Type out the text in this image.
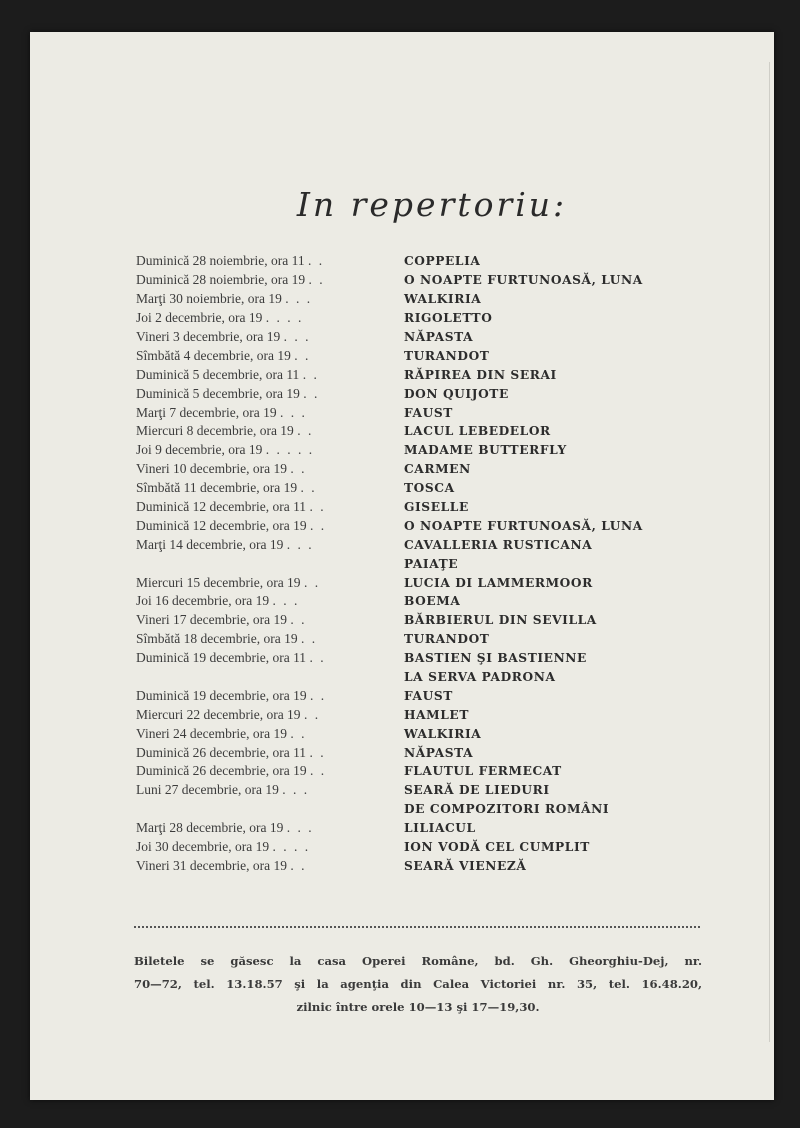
In repertoriu:
Duminică 28 noiembrie, ora 11 . .	COPPELIA
Duminică 28 noiembrie, ora 19 . .	O NOAPTE FURTUNOASĂ, LUNA
Marţi 30 noiembrie, ora 19 . . .	WALKIRIA
Joi 2 decembrie, ora 19 . . . .	RIGOLETTO
Vineri 3 decembrie, ora 19 . . .	NĂPASTA
Sîmbătă 4 decembrie, ora 19 . .	TURANDOT
Duminică 5 decembrie, ora 11 . .	RĂPIREA DIN SERAI
Duminică 5 decembrie, ora 19 . .	DON QUIJOTE
Marţi 7 decembrie, ora 19 . . .	FAUST
Miercuri 8 decembrie, ora 19 . .	LACUL LEBEDELOR
Joi 9 decembrie, ora 19 . . . . .	MADAME BUTTERFLY
Vineri 10 decembrie, ora 19 . .	CARMEN
Sîmbătă 11 decembrie, ora 19 . .	TOSCA
Duminică 12 decembrie, ora 11 . .	GISELLE
Duminică 12 decembrie, ora 19 . .	O NOAPTE FURTUNOASĂ, LUNA
Marţi 14 decembrie, ora 19 . . .	CAVALLERIA RUSTICANA
PAIAŢE
Miercuri 15 decembrie, ora 19 . .	LUCIA DI LAMMERMOOR
Joi 16 decembrie, ora 19 . . .	BOEMA
Vineri 17 decembrie, ora 19 . .	BĂRBIERUL DIN SEVILLA
Sîmbătă 18 decembrie, ora 19 . .	TURANDOT
Duminică 19 decembrie, ora 11 . .	BASTIEN ŞI BASTIENNE
LA SERVA PADRONA
Duminică 19 decembrie, ora 19 . .	FAUST
Miercuri 22 decembrie, ora 19 . .	HAMLET
Vineri 24 decembrie, ora 19 . .	WALKIRIA
Duminică 26 decembrie, ora 11 . .	NĂPASTA
Duminică 26 decembrie, ora 19 . .	FLAUTUL FERMECAT
Luni 27 decembrie, ora 19 . . .	SEARĂ DE LIEDURI
DE COMPOZITORI ROMÂNI
Marţi 28 decembrie, ora 19 . . .	LILIACUL
Joi 30 decembrie, ora 19 . . . .	ION VODĂ CEL CUMPLIT
Vineri 31 decembrie, ora 19 . .	SEARĂ VIENEZĂ
Biletele se găsesc la casa Operei Române, bd. Gh. Gheorghiu-Dej, nr.
70—72, tel. 13.18.57 şi la agenţia din Calea Victoriei nr. 35, tel. 16.48.20,
zilnic între orele 10—13 şi 17—19,30.
